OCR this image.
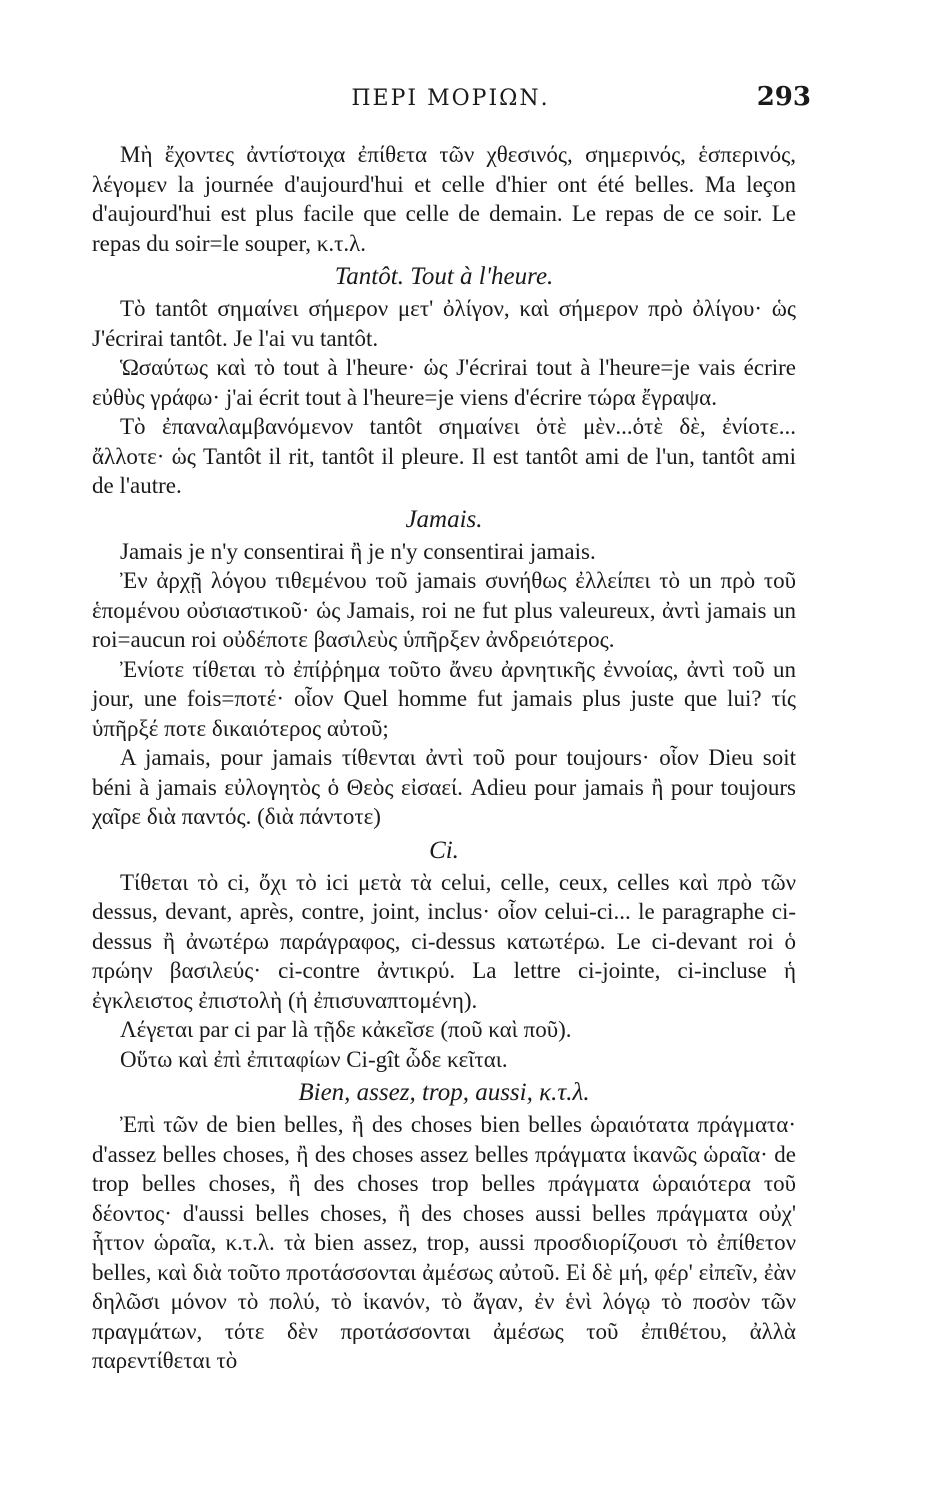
ΠΕΡΙ ΜΟΡΙΩΝ.	293

Μὴ ἔχοντες ἀντίστοιχα ἐπίθετα τῶν χθεσινός, σημερινός, ἑσπερινός, λέγομεν la journée d'aujourd'hui et celle d'hier ont été belles. Ma leçon d'aujourd'hui est plus facile que celle de demain. Le repas de ce soir. Le repas du soir=le souper, κ.τ.λ.

Tantôt. Tout à l'heure.

Τὸ tantôt σημαίνει σήμερον μετ' ὀλίγον, καὶ σήμερον πρὸ ὀλίγου· ὡς J'écrirai tantôt. Je l'ai vu tantôt.

Ὡσαύτως καὶ τὸ tout à l'heure· ὡς J'écrirai tout à l'heure=je vais écrire εὐθὺς γράφω· j'ai écrit tout à l'heure=je viens d'écrire τώρα ἔγραψα.

Τὸ ἐπαναλαμβανόμενον tantôt σημαίνει ὁτὲ μὲν...ὁτὲ δὲ, ἐνίοτε... ἄλλοτε· ὡς Tantôt il rit, tantôt il pleure. Il est tantôt ami de l'un, tantôt ami de l'autre.

Jamais.

Jamais je n'y consentirai ἢ je n'y consentirai jamais.

Ἐν ἀρχῇ λόγου τιθεμένου τοῦ jamais συνήθως ἐλλείπει τὸ un πρὸ τοῦ ἑπομένου οὐσιαστικοῦ· ὡς Jamais, roi ne fut plus valeureux, ἀντὶ jamais un roi=aucun roi οὐδέποτε βασιλεὺς ὑπῆρξεν ἀνδρειότερος.

Ἐνίοτε τίθεται τὸ ἐπίῤῥημα τοῦτο ἄνευ ἀρνητικῆς ἐννοίας, ἀντὶ τοῦ un jour, une fois=ποτέ· οἷον Quel homme fut jamais plus juste que lui? τίς ὑπῆρξέ ποτε δικαιότερος αὐτοῦ;

A jamais, pour jamais τίθενται ἀντὶ τοῦ pour toujours· οἷον Dieu soit béni à jamais εὐλογητὸς ὁ Θεὸς εἰσαεί. Adieu pour jamais ἢ pour toujours χαῖρε διὰ παντός. (διὰ πάντοτε)

Ci.

Τίθεται τὸ ci, ὄχι τὸ ici μετὰ τὰ celui, celle, ceux, celles καὶ πρὸ τῶν dessus, devant, après, contre, joint, inclus· οἷον celui-ci... le paragraphe ci-dessus ἢ ἀνωτέρω παράγραφος, ci-dessus κατωτέρω. Le ci-devant roi ὁ πρώην βασιλεύς· ci-contre ἀντικρύ. La lettre ci-jointe, ci-incluse ἡ ἐγκλειστος ἐπιστολὴ (ἡ ἐπισυναπτομένη).

Λέγεται par ci par là τῇδε κἀκεῖσε (ποῦ καὶ ποῦ).

Οὕτω καὶ ἐπὶ ἐπιταφίων Ci-gît ὧδε κεῖται.

Bien, assez, trop, aussi, κ.τ.λ.

Ἐπὶ τῶν de bien belles, ἢ des choses bien belles ὡραιότατα πράγματα· d'assez belles choses, ἢ des choses assez belles πράγματα ἱκανῶς ὡραῖα· de trop belles choses, ἢ des choses trop belles πράγματα ὡραιότερα τοῦ δέοντος· d'aussi belles choses, ἢ des choses aussi belles πράγματα οὐχ' ἧττον ὡραῖα, κ.τ.λ. τὰ bien assez, trop, aussi προσδιορίζουσι τὸ ἐπίθετον belles, καὶ διὰ τοῦτο προτάσσονται ἀμέσως αὐτοῦ. Εἰ δὲ μή, φέρ' εἰπεῖν, ἐὰν δηλῶσι μόνον τὸ πολύ, τὸ ἱκανόν, τὸ ἄγαν, ἐν ἑνὶ λόγῳ τὸ ποσὸν τῶν πραγμάτων, τότε δὲν προτάσσονται ἀμέσως τοῦ ἐπιθέτου, ἀλλὰ παρεντίθεται τὸ
